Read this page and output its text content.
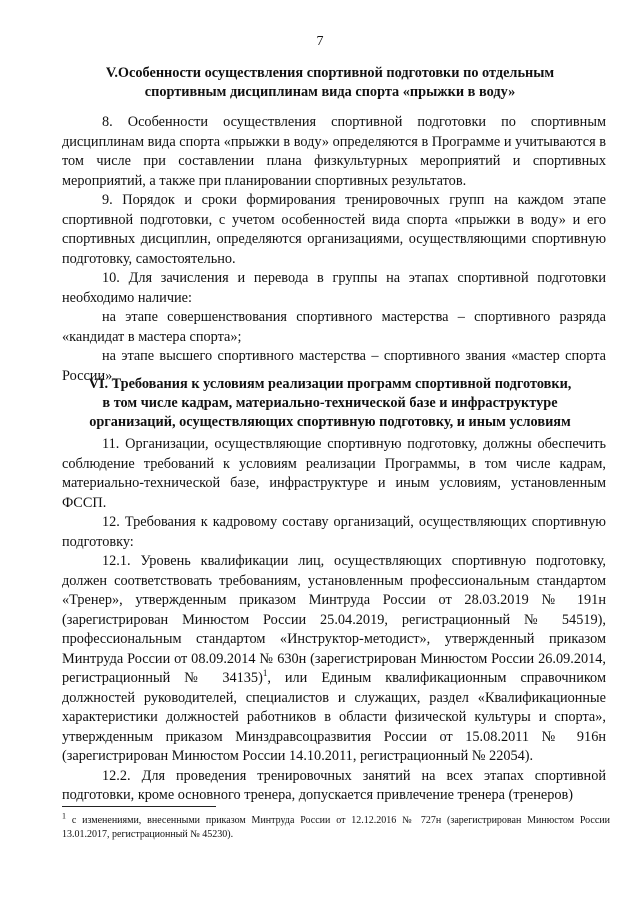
7
V.Особенности осуществления спортивной подготовки по отдельным
спортивным дисциплинам вида спорта «прыжки в воду»

8. Особенности осуществления спортивной подготовки по спортивным дисциплинам вида спорта «прыжки в воду» определяются в Программе и учитываются в том числе при составлении плана физкультурных мероприятий и спортивных мероприятий, а также при планировании спортивных результатов.

9. Порядок и сроки формирования тренировочных групп на каждом этапе спортивной подготовки, с учетом особенностей вида спорта «прыжки в воду» и его спортивных дисциплин, определяются организациями, осуществляющими спортивную подготовку, самостоятельно.

10. Для зачисления и перевода в группы на этапах спортивной подготовки необходимо наличие:

на этапе совершенствования спортивного мастерства – спортивного разряда «кандидат в мастера спорта»;

на этапе высшего спортивного мастерства – спортивного звания «мастер спорта России».

VI. Требования к условиям реализации программ спортивной подготовки,
в том числе кадрам, материально-технической базе и инфраструктуре
организаций, осуществляющих спортивную подготовку, и иным условиям

11. Организации, осуществляющие спортивную подготовку, должны обеспечить соблюдение требований к условиям реализации Программы, в том числе кадрам, материально-технической базе, инфраструктуре и иным условиям, установленным ФССП.

12. Требования к кадровому составу организаций, осуществляющих спортивную подготовку:

12.1. Уровень квалификации лиц, осуществляющих спортивную подготовку, должен соответствовать требованиям, установленным профессиональным стандартом «Тренер», утвержденным приказом Минтруда России от 28.03.2019 № 191н (зарегистрирован Минюстом России 25.04.2019, регистрационный № 54519), профессиональным стандартом «Инструктор-методист», утвержденный приказом Минтруда России от 08.09.2014 № 630н (зарегистрирован Минюстом России 26.09.2014, регистрационный № 34135)$^1$, или Единым квалификационным справочником должностей руководителей, специалистов и служащих, раздел «Квалификационные характеристики должностей работников в области физической культуры и спорта», утвержденным приказом Минздравсоцразвития России от 15.08.2011 № 916н (зарегистрирован Минюстом России 14.10.2011, регистрационный № 22054).

12.2. Для проведения тренировочных занятий на всех этапах спортивной подготовки, кроме основного тренера, допускается привлечение тренера (тренеров)

$^1$ с изменениями, внесенными приказом Минтруда России от 12.12.2016 № 727н (зарегистрирован Минюстом России 13.01.2017, регистрационный № 45230).
